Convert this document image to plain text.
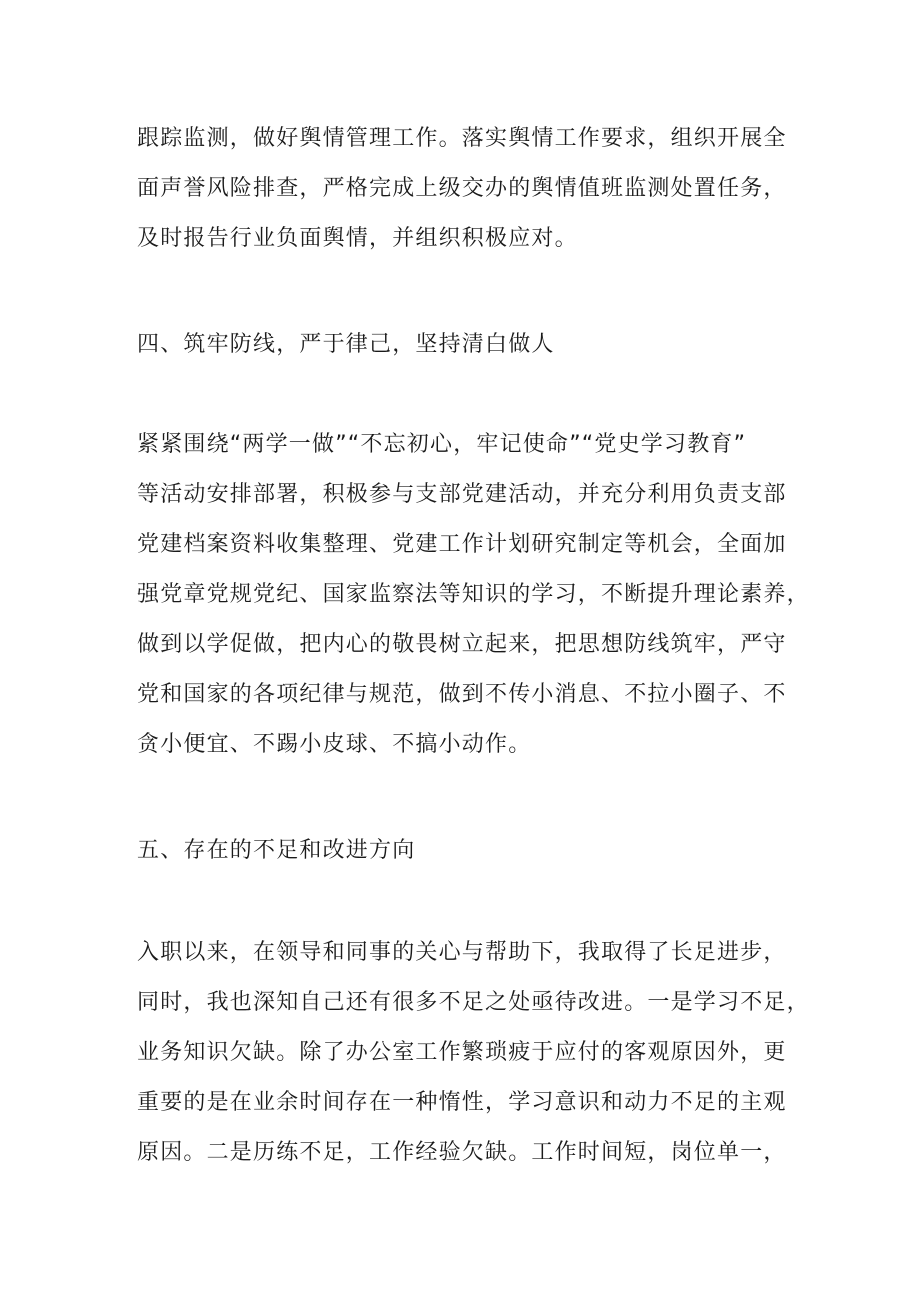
跟踪监测，做好舆情管理工作。落实舆情工作要求，组织开展全
面声誉风险排查，严格完成上级交办的舆情值班监测处置任务，
及时报告行业负面舆情，并组织积极应对。
四、筑牢防线，严于律己，坚持清白做人
紧紧围绕“两学一做”“不忘初心，牢记使命”“党史学习教育”
等活动安排部署，积极参与支部党建活动，并充分利用负责支部
党建档案资料收集整理、党建工作计划研究制定等机会，全面加
强党章党规党纪、国家监察法等知识的学习，不断提升理论素养，
做到以学促做，把内心的敬畏树立起来，把思想防线筑牢，严守
党和国家的各项纪律与规范，做到不传小消息、不拉小圈子、不
贪小便宜、不踢小皮球、不搞小动作。
五、存在的不足和改进方向
入职以来，在领导和同事的关心与帮助下，我取得了长足进步，
同时，我也深知自己还有很多不足之处亟待改进。一是学习不足，
业务知识欠缺。除了办公室工作繁琐疲于应付的客观原因外，更
重要的是在业余时间存在一种惰性，学习意识和动力不足的主观
原因。二是历练不足，工作经验欠缺。工作时间短，岗位单一，
